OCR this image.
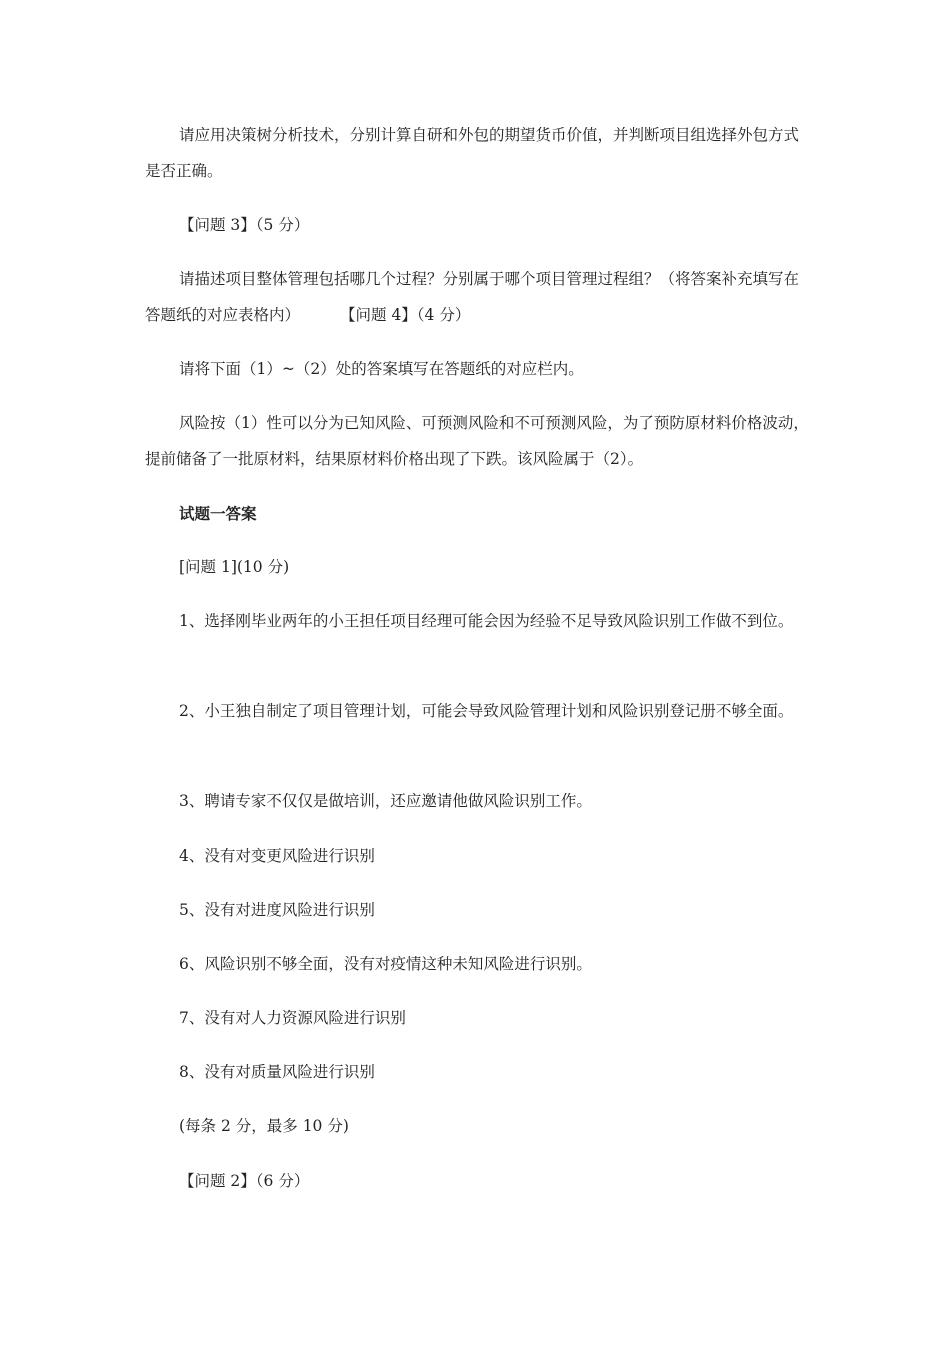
请应用决策树分析技术，分别计算自研和外包的期望货币价值，并判断项目组选择外包方式是否正确。

【问题 3】（5 分）

请描述项目整体管理包括哪几个过程？分别属于哪个项目管理过程组？（将答案补充填写在答题纸的对应表格内）	【问题 4】（4 分）

请将下面（1）~（2）处的答案填写在答题纸的对应栏内。

风险按（1）性可以分为已知风险、可预测风险和不可预测风险，为了预防原材料价格波动，提前储备了一批原材料，结果原材料价格出现了下跌。该风险属于（2）。

试题一答案

[问题 1](10 分)

1、选择刚毕业两年的小王担任项目经理可能会因为经验不足导致风险识别工作做不到位。

2、小王独自制定了项目管理计划，可能会导致风险管理计划和风险识别登记册不够全面。

3、聘请专家不仅仅是做培训，还应邀请他做风险识别工作。

4、没有对变更风险进行识别

5、没有对进度风险进行识别

6、风险识别不够全面，没有对疫情这种未知风险进行识别。

7、没有对人力资源风险进行识别

8、没有对质量风险进行识别

(每条 2 分，最多 10 分)

【问题 2】（6 分）
